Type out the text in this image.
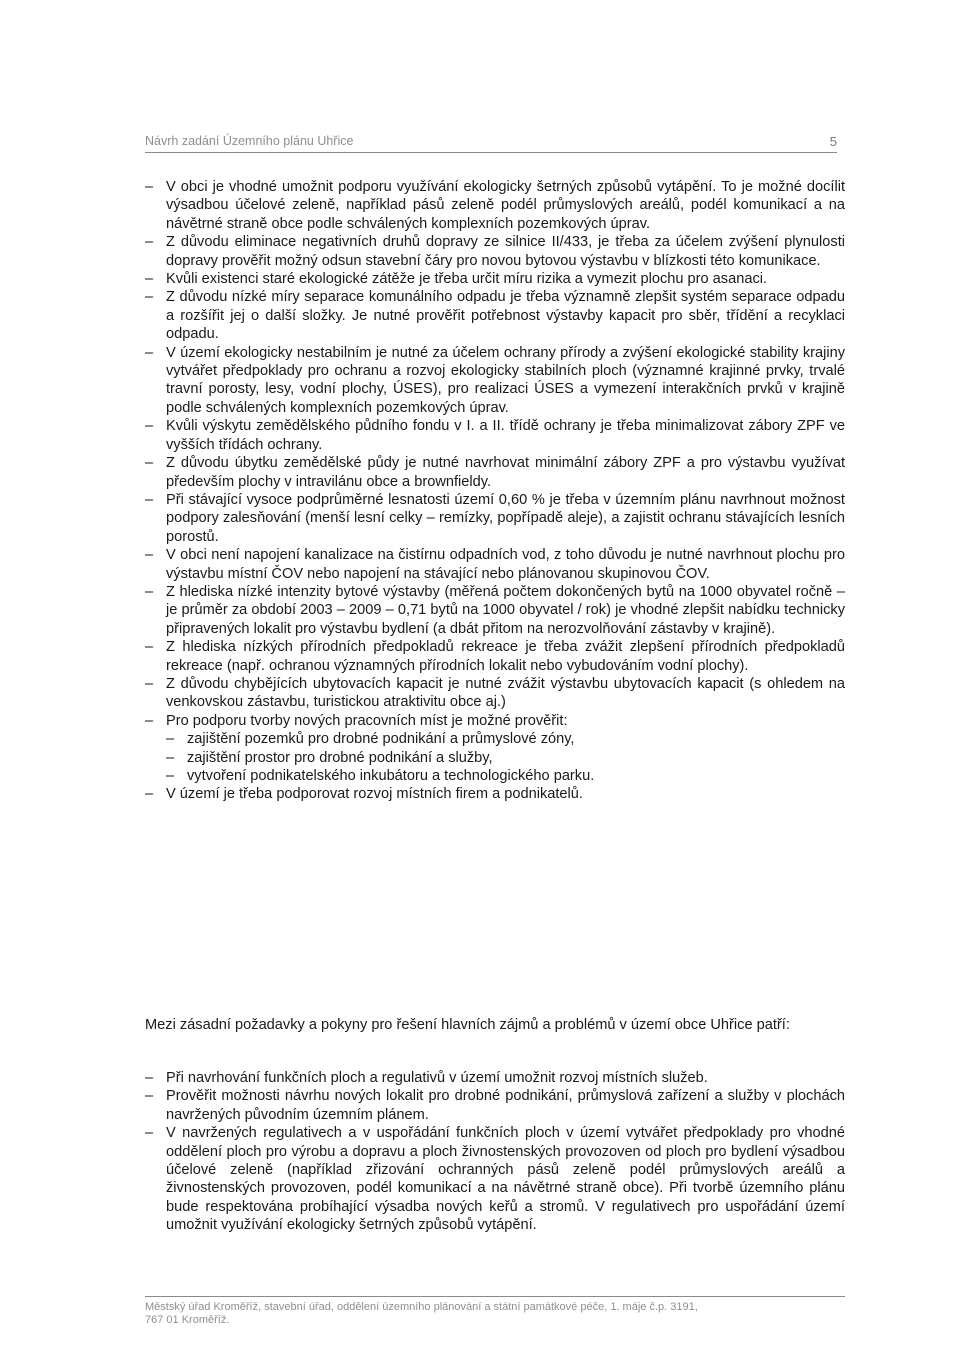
Návrh zadání Územního plánu Uhřice	5
– V obci je vhodné umožnit podporu využívání ekologicky šetrných způsobů vytápění. To je možné docílit výsadbou účelové zeleně, například pásů zeleně podél průmyslových areálů, podél komunikací a na návětrné straně obce podle schválených komplexních pozemkových úprav.
– Z důvodu eliminace negativních druhů dopravy ze silnice II/433, je třeba za účelem zvýšení plynulosti dopravy prověřit možný odsun stavební čáry pro novou bytovou výstavbu v blízkosti této komunikace.
– Kvůli existenci staré ekologické zátěže je třeba určit míru rizika a vymezit plochu pro asanaci.
– Z důvodu nízké míry separace komunálního odpadu je třeba významně zlepšit systém separace odpadu a rozšířit jej o další složky. Je nutné prověřit potřebnost výstavby kapacit pro sběr, třídění a recyklaci odpadu.
– V území ekologicky nestabilním je nutné za účelem ochrany přírody a zvýšení ekologické stability krajiny vytvářet předpoklady pro ochranu a rozvoj ekologicky stabilních ploch (významné krajinné prvky, trvalé travní porosty, lesy, vodní plochy, ÚSES), pro realizaci ÚSES a vymezení interakčních prvků v krajině podle schválených komplexních pozemkových úprav.
– Kvůli výskytu zemědělského půdního fondu v I. a II. třídě ochrany je třeba minimalizovat zábory ZPF ve vyšších třídách ochrany.
– Z důvodu úbytku zemědělské půdy je nutné navrhovat minimální zábory ZPF a pro výstavbu využívat především plochy v intravilánu obce a brownfieldy.
– Při stávající vysoce podprůměrné lesnatosti území 0,60 % je třeba v územním plánu navrhnout možnost podpory zalesňování (menší lesní celky – remízky, popřípadě aleje), a zajistit ochranu stávajících lesních porostů.
– V obci není napojení kanalizace na čistírnu odpadních vod, z toho důvodu je nutné navrhnout plochu pro výstavbu místní ČOV nebo napojení na stávající nebo plánovanou skupinovou ČOV.
– Z hlediska nízké intenzity bytové výstavby (měřená počtem dokončených bytů na 1000 obyvatel ročně – je průměr za období 2003 – 2009 – 0,71 bytů na 1000 obyvatel / rok) je vhodné zlepšit nabídku technicky připravených lokalit pro výstavbu bydlení (a dbát přitom na nerozvolňování zástavby v krajině).
– Z hlediska nízkých přírodních předpokladů rekreace je třeba zvážit zlepšení přírodních předpokladů rekreace (např. ochranou významných přírodních lokalit nebo vybudováním vodní plochy).
– Z důvodu chybějících ubytovacích kapacit je nutné zvážit výstavbu ubytovacích kapacit (s ohledem na venkovskou zástavbu, turistickou atraktivitu obce aj.)
– Pro podporu tvorby nových pracovních míst je možné prověřit:
– zajištění pozemků pro drobné podnikání a průmyslové zóny,
– zajištění prostor pro drobné podnikání a služby,
– vytvoření podnikatelského inkubátoru a technologického parku.
– V území je třeba podporovat rozvoj místních firem a podnikatelů.

Mezi zásadní požadavky a pokyny pro řešení hlavních zájmů a problémů v území obce Uhřice patří:

– Při navrhování funkčních ploch a regulativů v území umožnit rozvoj místních služeb.
– Prověřit možnosti návrhu nových lokalit pro drobné podnikání, průmyslová zařízení a služby v plochách navržených původním územním plánem.
– V navržených regulativech a v uspořádání funkčních ploch v území vytvářet předpoklady pro vhodné oddělení ploch pro výrobu a dopravu a ploch živnostenských provozoven od ploch pro bydlení výsadbou účelové zeleně (například zřizování ochranných pásů zeleně podél průmyslových areálů a živnostenských provozoven, podél komunikací a na návětrné straně obce). Při tvorbě územního plánu bude respektována probíhající výsadba nových keřů a stromů. V regulativech pro uspořádání území umožnit využívání ekologicky šetrných způsobů vytápění.
Městský úřad Kroměříž, stavební úřad, oddělení územního plánování a státní památkové péče, 1. máje č.p. 3191,
767 01 Kroměříž.
